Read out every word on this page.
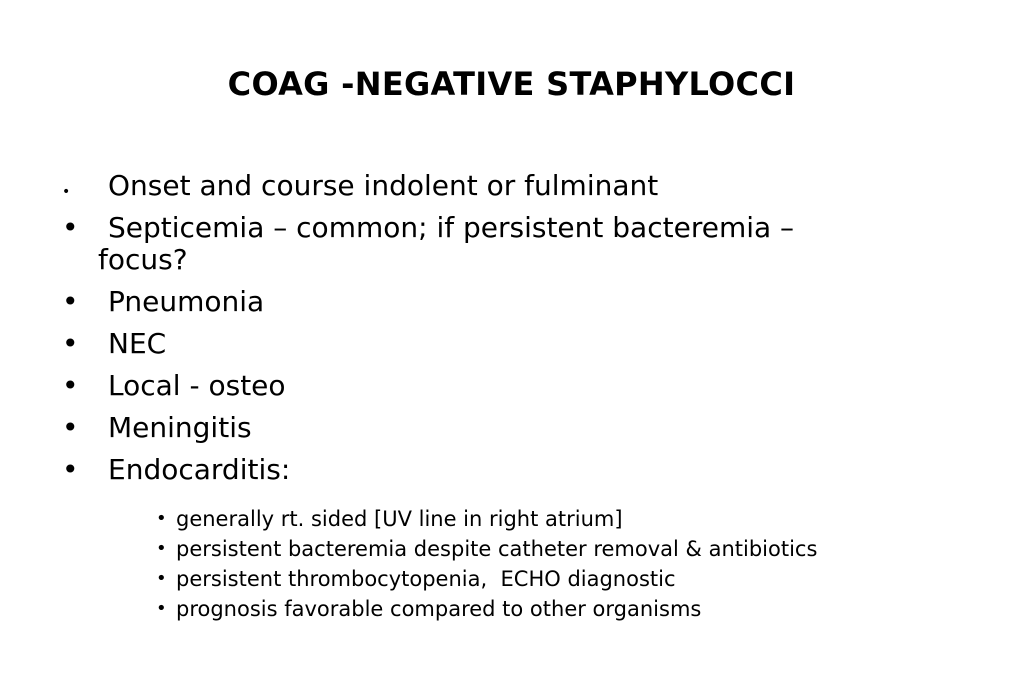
COAG -NEGATIVE STAPHYLOCCI
•	Onset and course indolent or fulminant
•	Septicemia – common; if persistent bacteremia –
focus?
•	Pneumonia
•	NEC
•	Local - osteo
•	Meningitis
•	Endocarditis:
• generally rt. sided [UV line in right atrium]
• persistent bacteremia despite catheter removal & antibiotics
• persistent thrombocytopenia,  ECHO diagnostic
• prognosis favorable compared to other organisms
